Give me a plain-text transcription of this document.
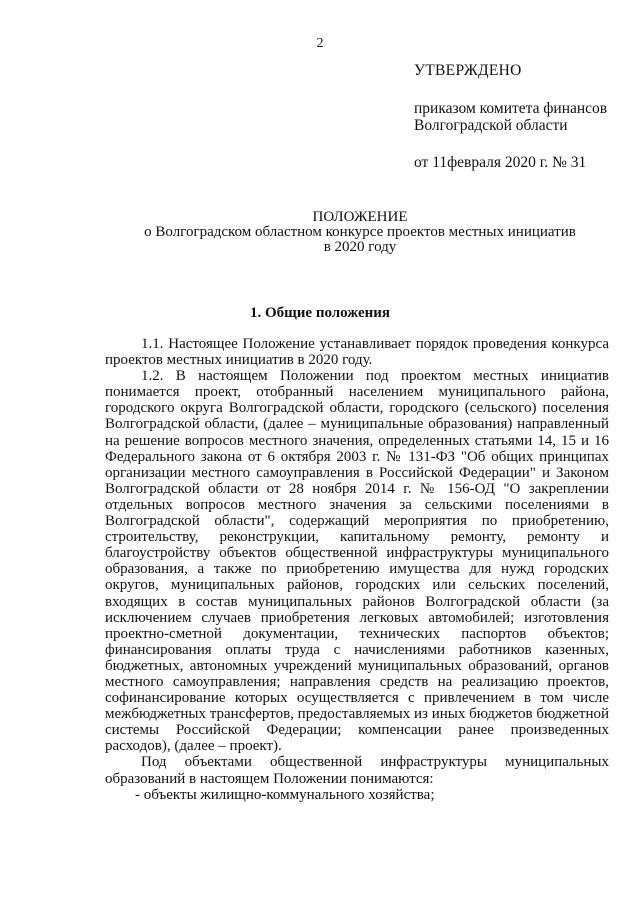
2
УТВЕРЖДЕНО
приказом комитета финансов
Волгоградской области
от 11февраля 2020 г. № 31
ПОЛОЖЕНИЕ
о Волгоградском областном конкурсе проектов местных инициатив
в 2020 году
1. Общие положения

1.1. Настоящее Положение устанавливает порядок проведения конкурса проектов местных инициатив в 2020 году.

1.2. В настоящем Положении под проектом местных инициатив понимается проект, отобранный населением муниципального района, городского округа Волгоградской области, городского (сельского) поселения Волгоградской области, (далее – муниципальные образования) направленный на решение вопросов местного значения, определенных статьями 14, 15 и 16 Федерального закона от 6 октября 2003 г. № 131-ФЗ "Об общих принципах организации местного самоуправления в Российской Федерации" и Законом Волгоградской области от 28 ноября 2014 г. № 156-ОД "О закреплении отдельных вопросов местного значения за сельскими поселениями в Волгоградской области", содержащий мероприятия по приобретению, строительству, реконструкции, капитальному ремонту, ремонту и благоустройству объектов общественной инфраструктуры муниципального образования, а также по приобретению имущества для нужд городских округов, муниципальных районов, городских или сельских поселений, входящих в состав муниципальных районов Волгоградской области (за исключением случаев приобретения легковых автомобилей; изготовления проектно-сметной документации, технических паспортов объектов; финансирования оплаты труда с начислениями работников казенных, бюджетных, автономных учреждений муниципальных образований, органов местного самоуправления; направления средств на реализацию проектов, софинансирование которых осуществляется с привлечением в том числе межбюджетных трансфертов, предоставляемых из иных бюджетов бюджетной системы Российской Федерации; компенсации ранее произведенных расходов), (далее – проект).

Под объектами общественной инфраструктуры муниципальных образований в настоящем Положении понимаются:

- объекты жилищно-коммунального хозяйства;
